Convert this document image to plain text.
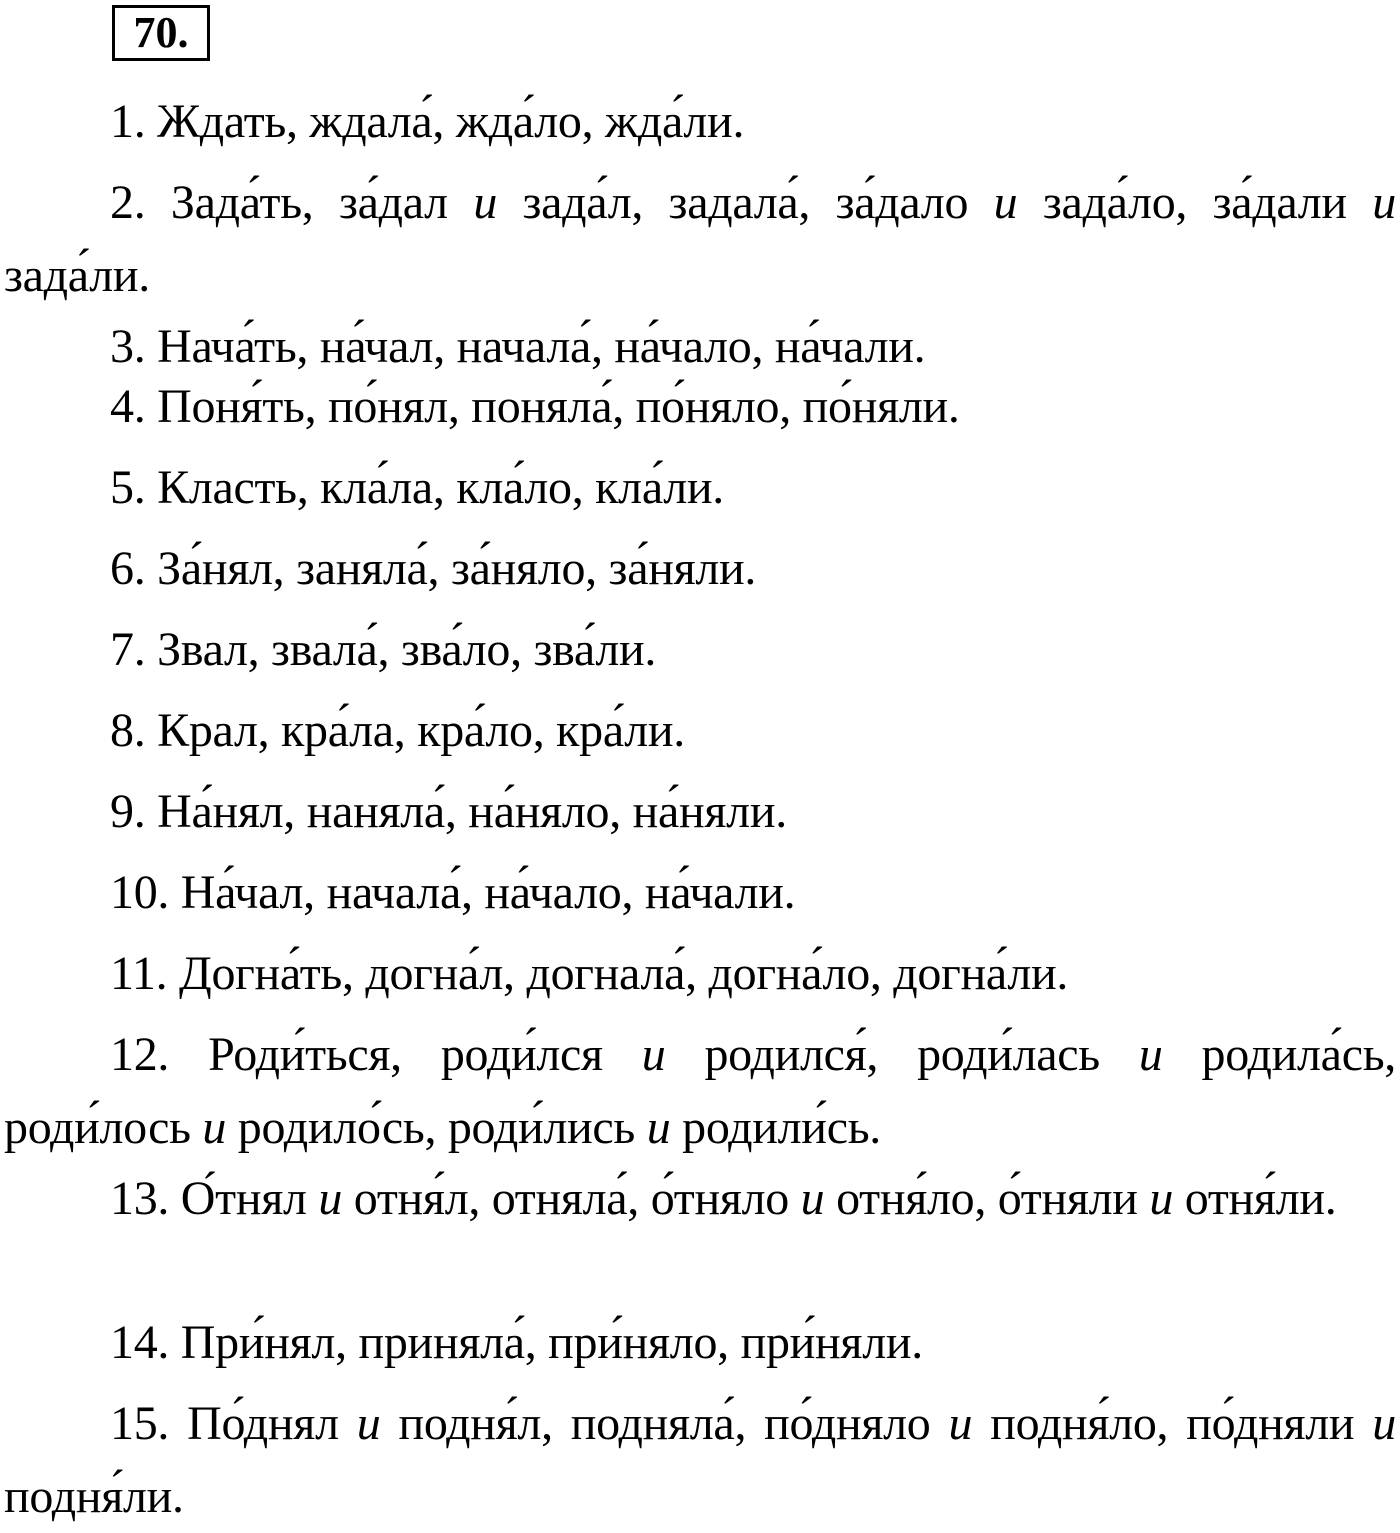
70.

1. Ждать, ждала́, жда́ло, жда́ли.

2. Зада́ть, за́дал и зада́л, задала́, за́дало и зада́ло, за́дали и зада́ли.

3. Нача́ть, на́чал, начала́, на́чало, на́чали.

4. Поня́ть, по́нял, поняла́, по́няло, по́няли.

5. Класть, кла́ла, кла́ло, кла́ли.

6. За́нял, заняла́, за́няло, за́няли.

7. Звал, звала́, зва́ло, зва́ли.

8. Крал, кра́ла, кра́ло, кра́ли.

9. На́нял, наняла́, на́няло, на́няли.

10. На́чал, начала́, на́чало, на́чали.

11. Догна́ть, догна́л, догнала́, догна́ло, догна́ли.

12. Роди́ться, роди́лся и родился́, роди́лась и родила́сь, роди́лось и родило́сь, роди́лись и родили́сь.

13. О́тнял и отня́л, отняла́, о́тняло и отня́ло, о́тняли и отня́ли.

14. При́нял, приняла́, при́няло, при́няли.

15. По́днял и подня́л, подняла́, по́дняло и подня́ло, по́дняли и подня́ли.
